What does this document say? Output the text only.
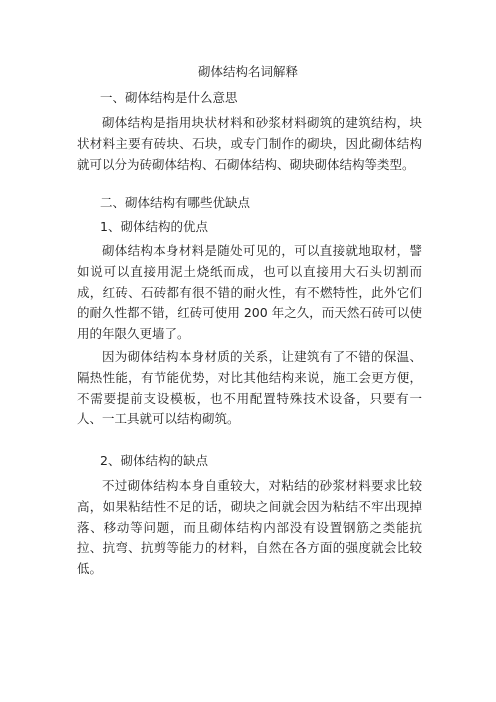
砌体结构名词解释
一、砌体结构是什么意思
砌体结构是指用块状材料和砂浆材料砌筑的建筑结构，块状材料主要有砖块、石块，或专门制作的砌块，因此砌体结构就可以分为砖砌体结构、石砌体结构、砌块砌体结构等类型。
二、砌体结构有哪些优缺点
1、砌体结构的优点
砌体结构本身材料是随处可见的，可以直接就地取材，譬如说可以直接用泥土烧纸而成，也可以直接用大石头切割而成，红砖、石砖都有很不错的耐火性，有不燃特性，此外它们的耐久性都不错，红砖可使用 200 年之久，而天然石砖可以使用的年限久更墙了。
因为砌体结构本身材质的关系，让建筑有了不错的保温、隔热性能，有节能优势，对比其他结构来说，施工会更方便，不需要提前支设模板，也不用配置特殊技术设备，只要有一人、一工具就可以结构砌筑。
2、砌体结构的缺点
不过砌体结构本身自重较大，对粘结的砂浆材料要求比较高，如果粘结性不足的话，砌块之间就会因为粘结不牢出现掉落、移动等问题，而且砌体结构内部没有设置钢筋之类能抗拉、抗弯、抗剪等能力的材料，自然在各方面的强度就会比较低。
